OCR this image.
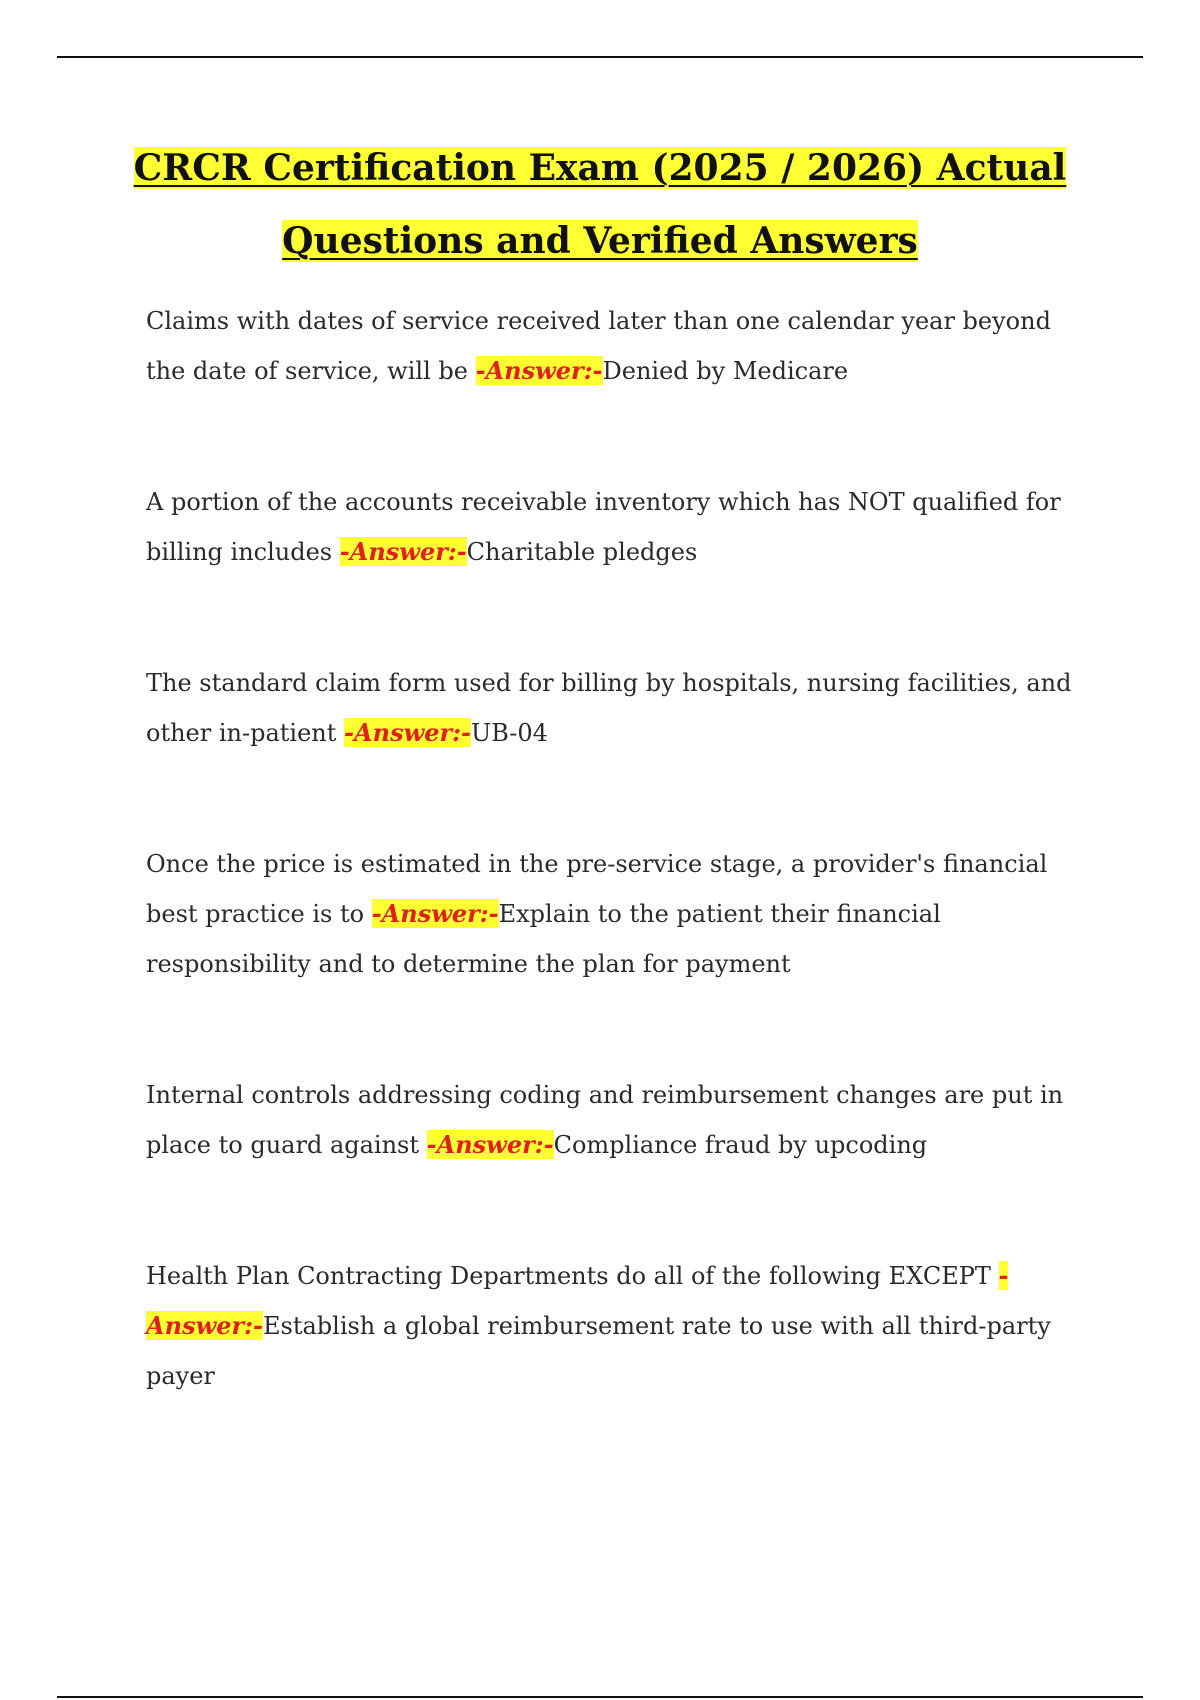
CRCR Certification Exam (2025 / 2026) Actual
Questions and Verified Answers

Claims with dates of service received later than one calendar year beyond the date of service, will be -Answer:-Denied by Medicare

A portion of the accounts receivable inventory which has NOT qualified for billing includes -Answer:-Charitable pledges

The standard claim form used for billing by hospitals, nursing facilities, and other in-patient -Answer:-UB-04

Once the price is estimated in the pre-service stage, a provider's financial best practice is to -Answer:-Explain to the patient their financial responsibility and to determine the plan for payment

Internal controls addressing coding and reimbursement changes are put in place to guard against -Answer:-Compliance fraud by upcoding

Health Plan Contracting Departments do all of the following EXCEPT -Answer:-Establish a global reimbursement rate to use with all third-party payer
